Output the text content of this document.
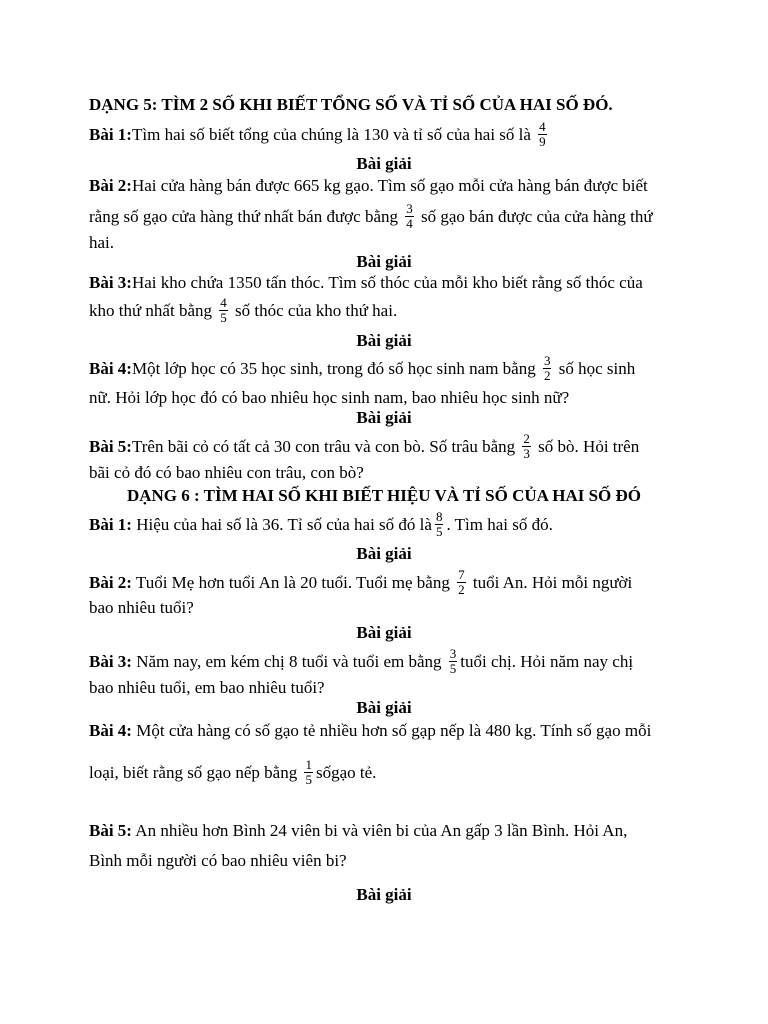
DẠNG 5: TÌM 2 SỐ KHI BIẾT TỔNG SỐ VÀ TỈ SỐ CỦA HAI SỐ ĐÓ.
Bài 1:Tìm hai số biết tổng của chúng là 130 và tỉ số của hai số là $\frac{4}{9}$
Bài giải
Bài 2:Hai cửa hàng bán được 665 kg gạo. Tìm số gạo mỗi cửa hàng bán được biết
rằng số gạo cửa hàng thứ nhất bán được bằng $\frac{3}{4}$ số gạo bán được của cửa hàng thứ
hai.
Bài giải
Bài 3:Hai kho chứa 1350 tấn thóc. Tìm số thóc của mỗi kho biết rằng số thóc của
kho thứ nhất bằng $\frac{4}{5}$ số thóc của kho thứ hai.
Bài giải
Bài 4:Một lớp học có 35 học sinh, trong đó số học sinh nam bằng $\frac{3}{2}$ số học sinh
nữ. Hỏi lớp học đó có bao nhiêu học sinh nam, bao nhiêu học sinh nữ?
Bài giải
Bài 5:Trên bãi cỏ có tất cả 30 con trâu và con bò. Số trâu bằng $\frac{2}{3}$ số bò. Hỏi trên
bãi cỏ đó có bao nhiêu con trâu, con bò?
DẠNG 6 : TÌM HAI SỐ KHI BIẾT HIỆU VÀ TỈ SỐ CỦA HAI SỐ ĐÓ
Bài 1: Hiệu của hai số là 36. Tỉ số của hai số đó là $\frac{8}{5}$ . Tìm hai số đó.
Bài giải
Bài 2: Tuổi Mẹ hơn tuổi An là 20 tuổi. Tuổi mẹ bằng $\frac{7}{2}$ tuổi An. Hỏi mỗi người
bao nhiêu tuổi?
Bài giải
Bài 3: Năm nay, em kém chị 8 tuổi và tuổi em bằng $\frac{3}{5}$ tuổi chị. Hỏi năm nay chị
bao nhiêu tuổi, em bao nhiêu tuổi?
Bài giải
Bài 4: Một cửa hàng có số gạo tẻ nhiều hơn số gạp nếp là 480 kg. Tính số gạo mỗi
loại, biết rằng số gạo nếp bằng $\frac{1}{5}$ sốgạo tẻ.
Bài 5: An nhiều hơn Bình 24 viên bi và viên bi của An gấp 3 lần Bình. Hỏi An,
Bình mỗi người có bao nhiêu viên bi?
Bài giải
